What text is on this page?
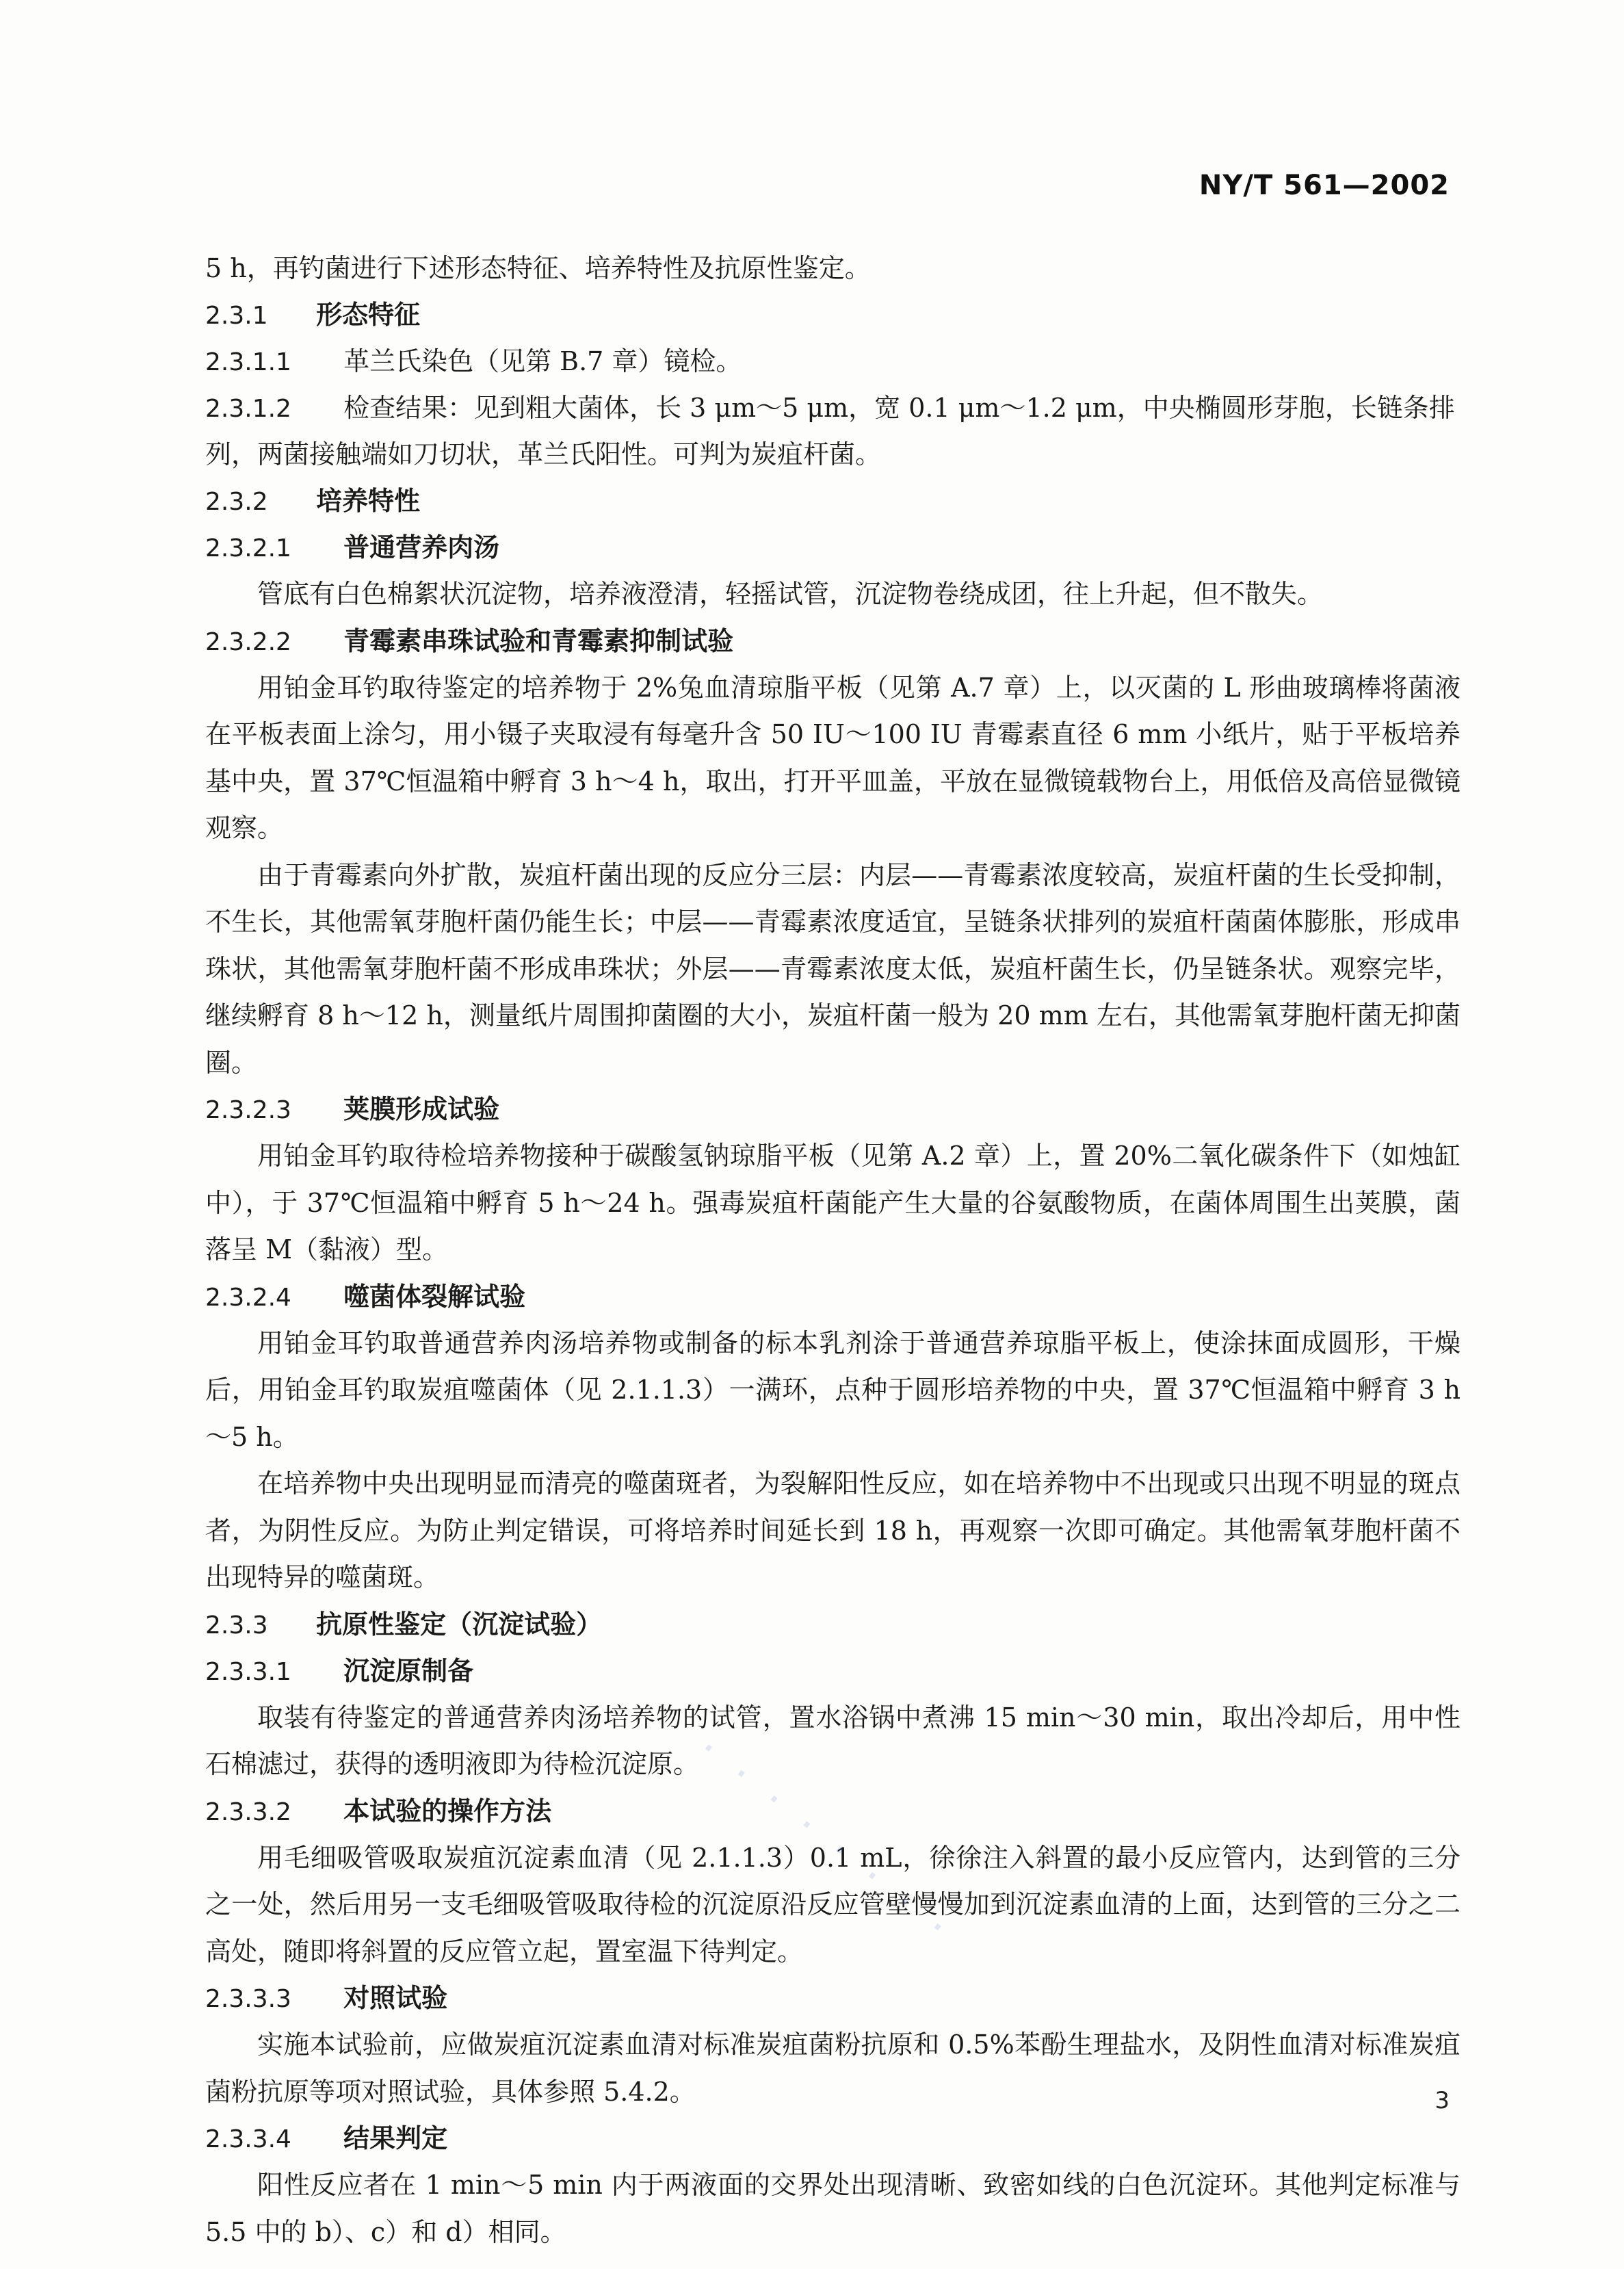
NY/T 561—2002
5 h，再钓菌进行下述形态特征、培养特性及抗原性鉴定。
2.3.1 形态特征
2.3.1.1 革兰氏染色（见第 B.7 章）镜检。
2.3.1.2 检查结果：见到粗大菌体，长 3 μm～5 μm，宽 0.1 μm～1.2 μm，中央椭圆形芽胞，长链条排
列，两菌接触端如刀切状，革兰氏阳性。可判为炭疽杆菌。
2.3.2 培养特性
2.3.2.1 普通营养肉汤
管底有白色棉絮状沉淀物，培养液澄清，轻摇试管，沉淀物卷绕成团，往上升起，但不散失。
2.3.2.2 青霉素串珠试验和青霉素抑制试验
用铂金耳钓取待鉴定的培养物于 2%兔血清琼脂平板（见第 A.7 章）上，以灭菌的 L 形曲玻璃棒将菌液在平板表面上涂匀，用小镊子夹取浸有每毫升含 50 IU～100 IU 青霉素直径 6 mm 小纸片，贴于平板培养基中央，置 37℃恒温箱中孵育 3 h～4 h，取出，打开平皿盖，平放在显微镜载物台上，用低倍及高倍显微镜观察。
由于青霉素向外扩散，炭疽杆菌出现的反应分三层：内层——青霉素浓度较高，炭疽杆菌的生长受抑制，不生长，其他需氧芽胞杆菌仍能生长；中层——青霉素浓度适宜，呈链条状排列的炭疽杆菌菌体膨胀，形成串珠状，其他需氧芽胞杆菌不形成串珠状；外层——青霉素浓度太低，炭疽杆菌生长，仍呈链条状。观察完毕，继续孵育 8 h～12 h，测量纸片周围抑菌圈的大小，炭疽杆菌一般为 20 mm 左右，其他需氧芽胞杆菌无抑菌圈。
2.3.2.3 荚膜形成试验
用铂金耳钓取待检培养物接种于碳酸氢钠琼脂平板（见第 A.2 章）上，置 20%二氧化碳条件下（如烛缸中），于 37℃恒温箱中孵育 5 h～24 h。强毒炭疽杆菌能产生大量的谷氨酸物质，在菌体周围生出荚膜，菌落呈 M（黏液）型。
2.3.2.4 噬菌体裂解试验
用铂金耳钓取普通营养肉汤培养物或制备的标本乳剂涂于普通营养琼脂平板上，使涂抹面成圆形，干燥后，用铂金耳钓取炭疽噬菌体（见 2.1.1.3）一满环，点种于圆形培养物的中央，置 37℃恒温箱中孵育 3 h～5 h。
在培养物中央出现明显而清亮的噬菌斑者，为裂解阳性反应，如在培养物中不出现或只出现不明显的斑点者，为阴性反应。为防止判定错误，可将培养时间延长到 18 h，再观察一次即可确定。其他需氧芽胞杆菌不出现特异的噬菌斑。
2.3.3 抗原性鉴定（沉淀试验）
2.3.3.1 沉淀原制备
取装有待鉴定的普通营养肉汤培养物的试管，置水浴锅中煮沸 15 min～30 min，取出冷却后，用中性石棉滤过，获得的透明液即为待检沉淀原。
2.3.3.2 本试验的操作方法
用毛细吸管吸取炭疽沉淀素血清（见 2.1.1.3）0.1 mL，徐徐注入斜置的最小反应管内，达到管的三分之一处，然后用另一支毛细吸管吸取待检的沉淀原沿反应管壁慢慢加到沉淀素血清的上面，达到管的三分之二高处，随即将斜置的反应管立起，置室温下待判定。
2.3.3.3 对照试验
实施本试验前，应做炭疽沉淀素血清对标准炭疽菌粉抗原和 0.5%苯酚生理盐水，及阴性血清对标准炭疽菌粉抗原等项对照试验，具体参照 5.4.2。
2.3.3.4 结果判定
阳性反应者在 1 min～5 min 内于两液面的交界处出现清晰、致密如线的白色沉淀环。其他判定标准与 5.5 中的 b）、c）和 d）相同。
3
· · · · · · · ·
